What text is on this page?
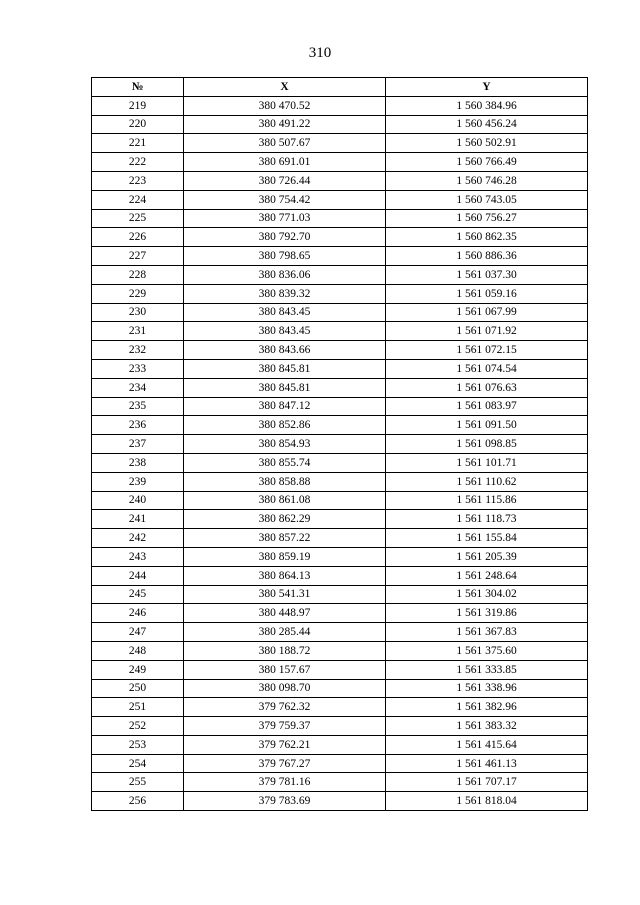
310
№	X	Y
219	380 470.52	1 560 384.96
220	380 491.22	1 560 456.24
221	380 507.67	1 560 502.91
222	380 691.01	1 560 766.49
223	380 726.44	1 560 746.28
224	380 754.42	1 560 743.05
225	380 771.03	1 560 756.27
226	380 792.70	1 560 862.35
227	380 798.65	1 560 886.36
228	380 836.06	1 561 037.30
229	380 839.32	1 561 059.16
230	380 843.45	1 561 067.99
231	380 843.45	1 561 071.92
232	380 843.66	1 561 072.15
233	380 845.81	1 561 074.54
234	380 845.81	1 561 076.63
235	380 847.12	1 561 083.97
236	380 852.86	1 561 091.50
237	380 854.93	1 561 098.85
238	380 855.74	1 561 101.71
239	380 858.88	1 561 110.62
240	380 861.08	1 561 115.86
241	380 862.29	1 561 118.73
242	380 857.22	1 561 155.84
243	380 859.19	1 561 205.39
244	380 864.13	1 561 248.64
245	380 541.31	1 561 304.02
246	380 448.97	1 561 319.86
247	380 285.44	1 561 367.83
248	380 188.72	1 561 375.60
249	380 157.67	1 561 333.85
250	380 098.70	1 561 338.96
251	379 762.32	1 561 382.96
252	379 759.37	1 561 383.32
253	379 762.21	1 561 415.64
254	379 767.27	1 561 461.13
255	379 781.16	1 561 707.17
256	379 783.69	1 561 818.04
